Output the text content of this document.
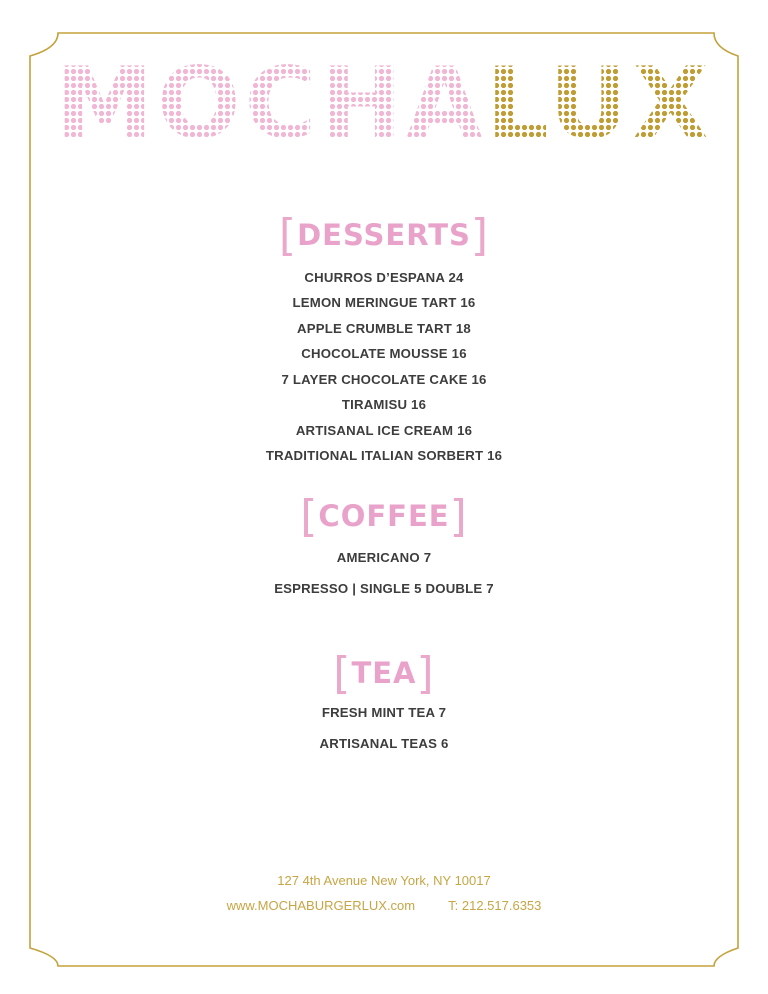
MOCHALUX
[DESSERTS]
CHURROS D’ESPANA 24
LEMON MERINGUE TART 16
APPLE CRUMBLE TART 18
CHOCOLATE MOUSSE 16
7 LAYER CHOCOLATE CAKE 16
TIRAMISU 16
ARTISANAL ICE CREAM 16
TRADITIONAL ITALIAN SORBERT 16
[COFFEE]
AMERICANO 7
ESPRESSO | SINGLE 5 DOUBLE 7
[TEA]
FRESH MINT TEA 7
ARTISANAL TEAS 6
127 4th Avenue New York, NY 10017
www.MOCHABURGERLUX.com	T: 212.517.6353
